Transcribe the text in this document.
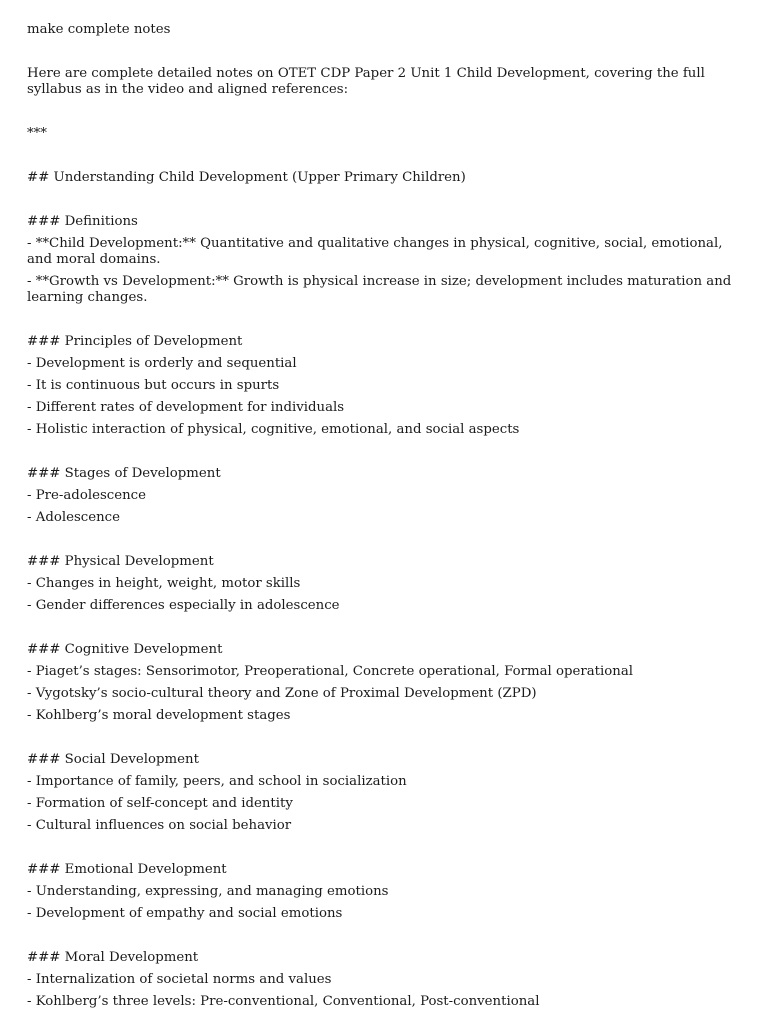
make complete notes

Here are complete detailed notes on OTET CDP Paper 2 Unit 1 Child Development, covering the full syllabus as in the video and aligned references:

***

## Understanding Child Development (Upper Primary Children)

### Definitions

- **Child Development:** Quantitative and qualitative changes in physical, cognitive, social, emotional, and moral domains.

- **Growth vs Development:** Growth is physical increase in size; development includes maturation and learning changes.

### Principles of Development

- Development is orderly and sequential

- It is continuous but occurs in spurts

- Different rates of development for individuals

- Holistic interaction of physical, cognitive, emotional, and social aspects

### Stages of Development

- Pre-adolescence

- Adolescence

### Physical Development

- Changes in height, weight, motor skills

- Gender differences especially in adolescence

### Cognitive Development

- Piaget’s stages: Sensorimotor, Preoperational, Concrete operational, Formal operational

- Vygotsky’s socio-cultural theory and Zone of Proximal Development (ZPD)

- Kohlberg’s moral development stages

### Social Development

- Importance of family, peers, and school in socialization

- Formation of self-concept and identity

- Cultural influences on social behavior

### Emotional Development

- Understanding, expressing, and managing emotions

- Development of empathy and social emotions

### Moral Development

- Internalization of societal norms and values

- Kohlberg’s three levels: Pre-conventional, Conventional, Post-conventional
